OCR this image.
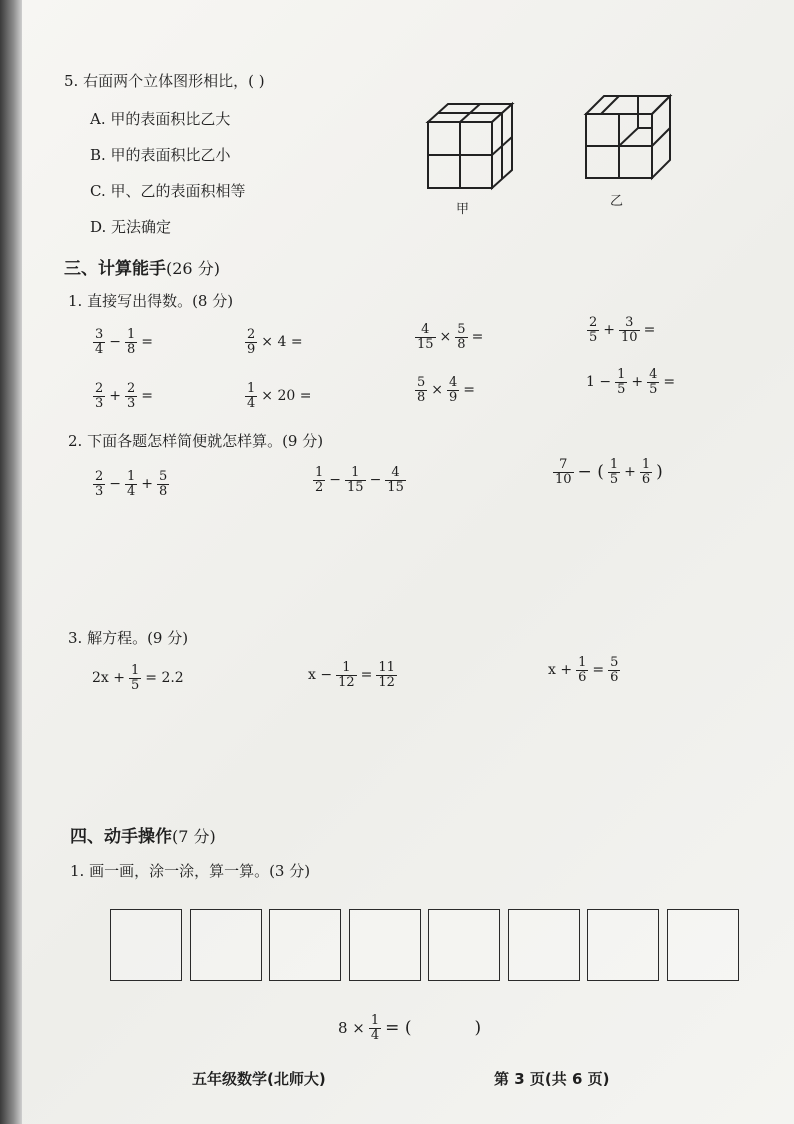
5. 右面两个立体图形相比，( )
A. 甲的表面积比乙大
B. 甲的表面积比乙小
C. 甲、乙的表面积相等
D. 无法确定
甲
乙
三、计算能手(26 分)
1. 直接写出得数。(8 分)
$\frac{3}{4} - \frac{1}{8}$ =	$\frac{2}{9} \times 4$ =	$\frac{4}{15} \times \frac{5}{8}$ =	$\frac{2}{5} + \frac{3}{10}$ =
$\frac{2}{3} + \frac{2}{3}$ =	$\frac{1}{4} \times 20$ =	$\frac{5}{8} \times \frac{4}{9}$ =	$1 - \frac{1}{5} + \frac{4}{5}$ =
2. 下面各题怎样简便就怎样算。(9 分)
$\frac{2}{3} - \frac{1}{4} + \frac{5}{8}$	$\frac{1}{2} - \frac{1}{15} - \frac{4}{15}$	$\frac{7}{10}$ − ( $\frac{1}{5} + \frac{1}{6}$ )
3. 解方程。(9 分)
$2x + \frac{1}{5} = 2.2$	$x - \frac{1}{12} = \frac{11}{12}$	$x + \frac{1}{6} = \frac{5}{6}$
四、动手操作(7 分)
1. 画一画，涂一涂，算一算。(3 分)
$8 \times \frac{1}{4}$ = (	)
五年级数学(北师大)	第 3 页(共 6 页)
